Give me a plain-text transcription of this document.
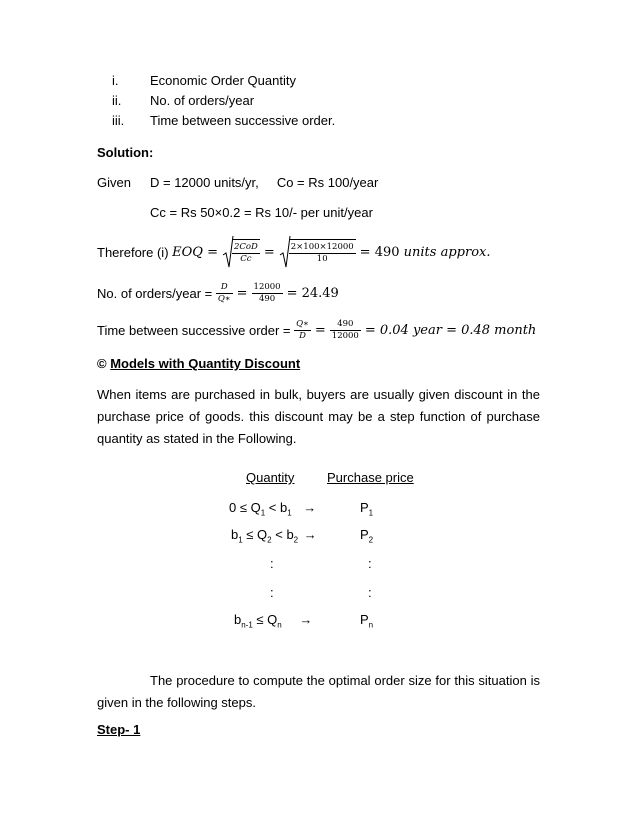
i. Economic Order Quantity
ii. No. of orders/year
iii. Time between successive order.
Solution:
Given D = 12000 units/yr,     Co = Rs 100/year
Cc = Rs 50×0.2 = Rs 10/- per unit/year
Therefore (i) EOQ = $\frac{\text{2CoD}}{Cc} = \frac{2\times 100\times 12000}{10} = 490$ units approx.
No. of orders/year = $\frac{D}{Q∗} = \frac{12000}{490} = 24.49$
Time between successive order = $\frac{Q∗}{D} = \frac{490}{12000} = 0.04$ year = 0.48 month
© Models with Quantity Discount
When items are purchased in bulk, buyers are usually given discount in the purchase price of goods. this discount may be a step function of purchase quantity as stated in the Following.
Quantity	Purchase price
$0 \le Q_1 < b_1$ →	$P_1$
$b_1 \le Q_2 < b_2$ →	$P_2$
:	:
:	:
$b_{n-1} \le Q_n$ →	$P_n$
The procedure to compute the optimal order size for this situation is given in the following steps.
Step- 1
